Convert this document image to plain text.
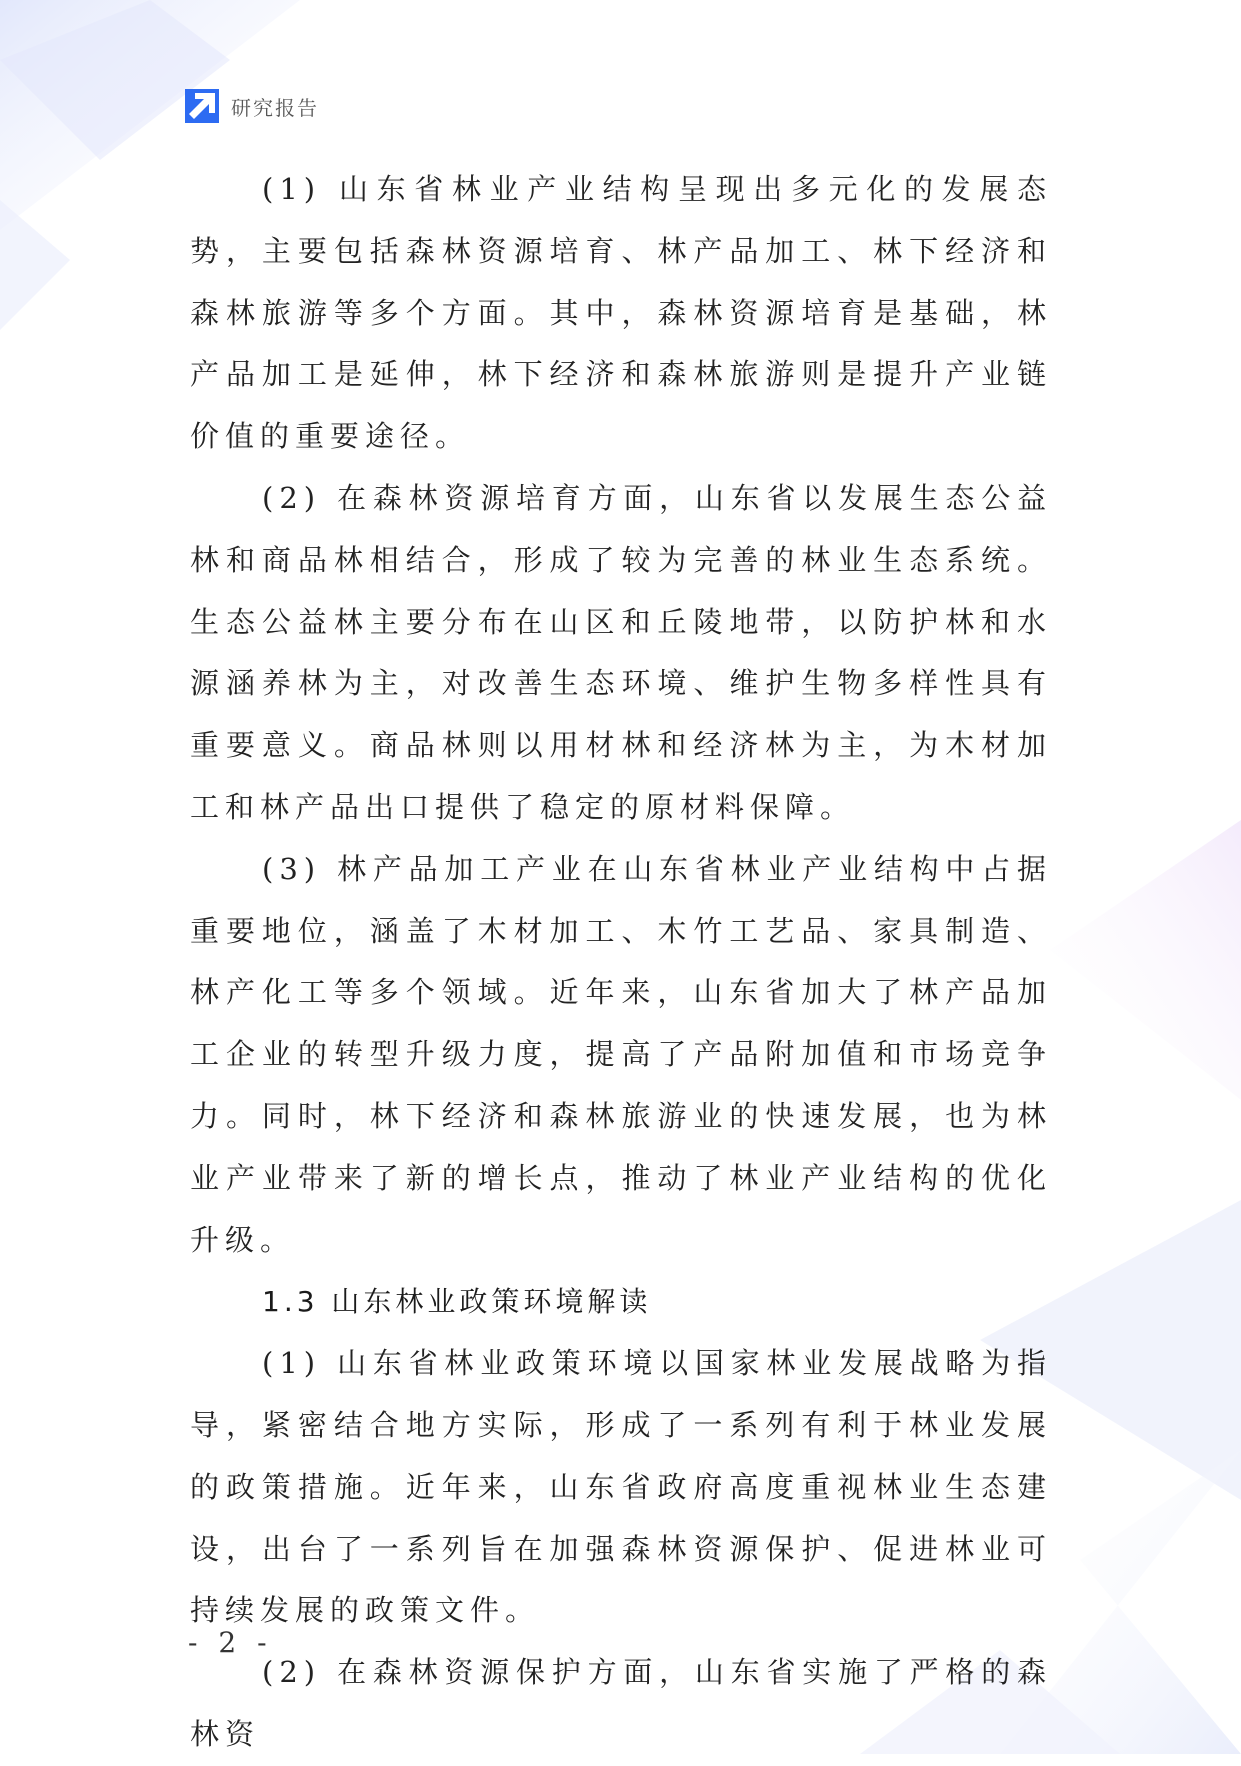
研究报告

(1) 山东省林业产业结构呈现出多元化的发展态势，主要包括森林资源培育、林产品加工、林下经济和森林旅游等多个方面。其中，森林资源培育是基础，林产品加工是延伸，林下经济和森林旅游则是提升产业链价值的重要途径。

(2) 在森林资源培育方面，山东省以发展生态公益林和商品林相结合，形成了较为完善的林业生态系统。生态公益林主要分布在山区和丘陵地带，以防护林和水源涵养林为主，对改善生态环境、维护生物多样性具有重要意义。商品林则以用材林和经济林为主，为木材加工和林产品出口提供了稳定的原材料保障。

(3) 林产品加工产业在山东省林业产业结构中占据重要地位，涵盖了木材加工、木竹工艺品、家具制造、林产化工等多个领域。近年来，山东省加大了林产品加工企业的转型升级力度，提高了产品附加值和市场竞争力。同时，林下经济和森林旅游业的快速发展，也为林业产业带来了新的增长点，推动了林业产业结构的优化升级。

1.3 山东林业政策环境解读

(1) 山东省林业政策环境以国家林业发展战略为指导，紧密结合地方实际，形成了一系列有利于林业发展的政策措施。近年来，山东省政府高度重视林业生态建设，出台了一系列旨在加强森林资源保护、促进林业可持续发展的政策文件。

(2) 在森林资源保护方面，山东省实施了严格的森林资

- 2 -
